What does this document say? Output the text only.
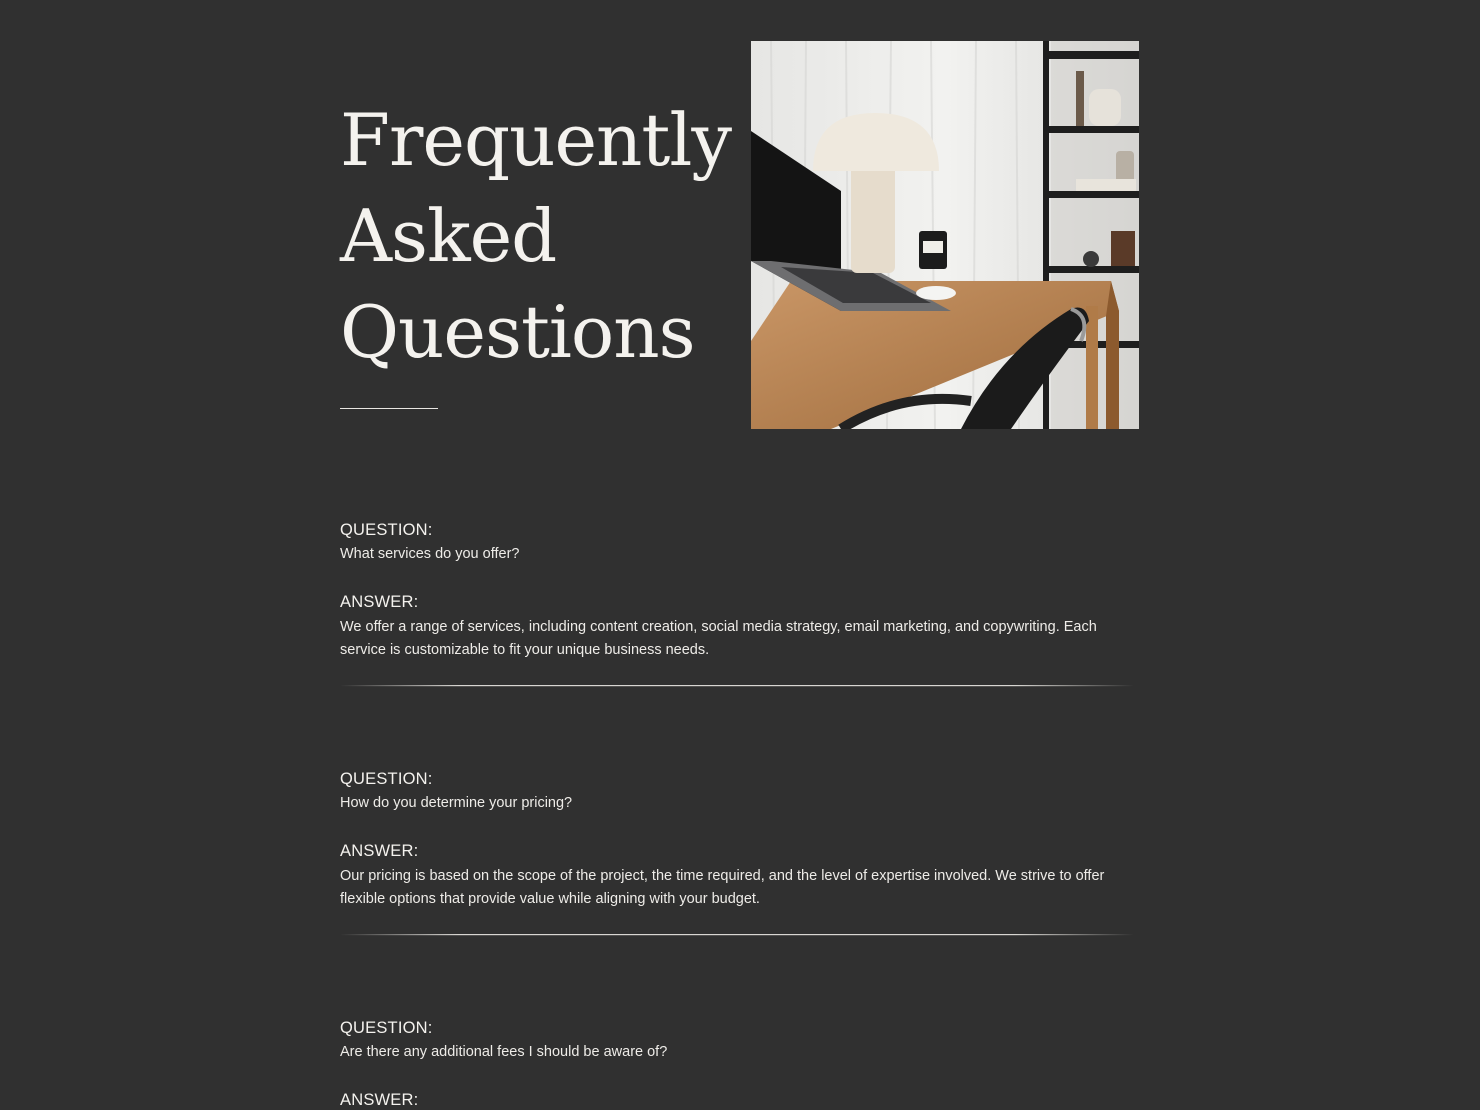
Frequently
Asked
Questions
QUESTION:
What services do you offer?
ANSWER:
We offer a range of services, including content creation, social media strategy, email marketing, and copywriting. Each service is customizable to fit your unique business needs.
QUESTION:
How do you determine your pricing?
ANSWER:
Our pricing is based on the scope of the project, the time required, and the level of expertise involved. We strive to offer flexible options that provide value while aligning with your budget.
QUESTION:
Are there any additional fees I should be aware of?
ANSWER:
